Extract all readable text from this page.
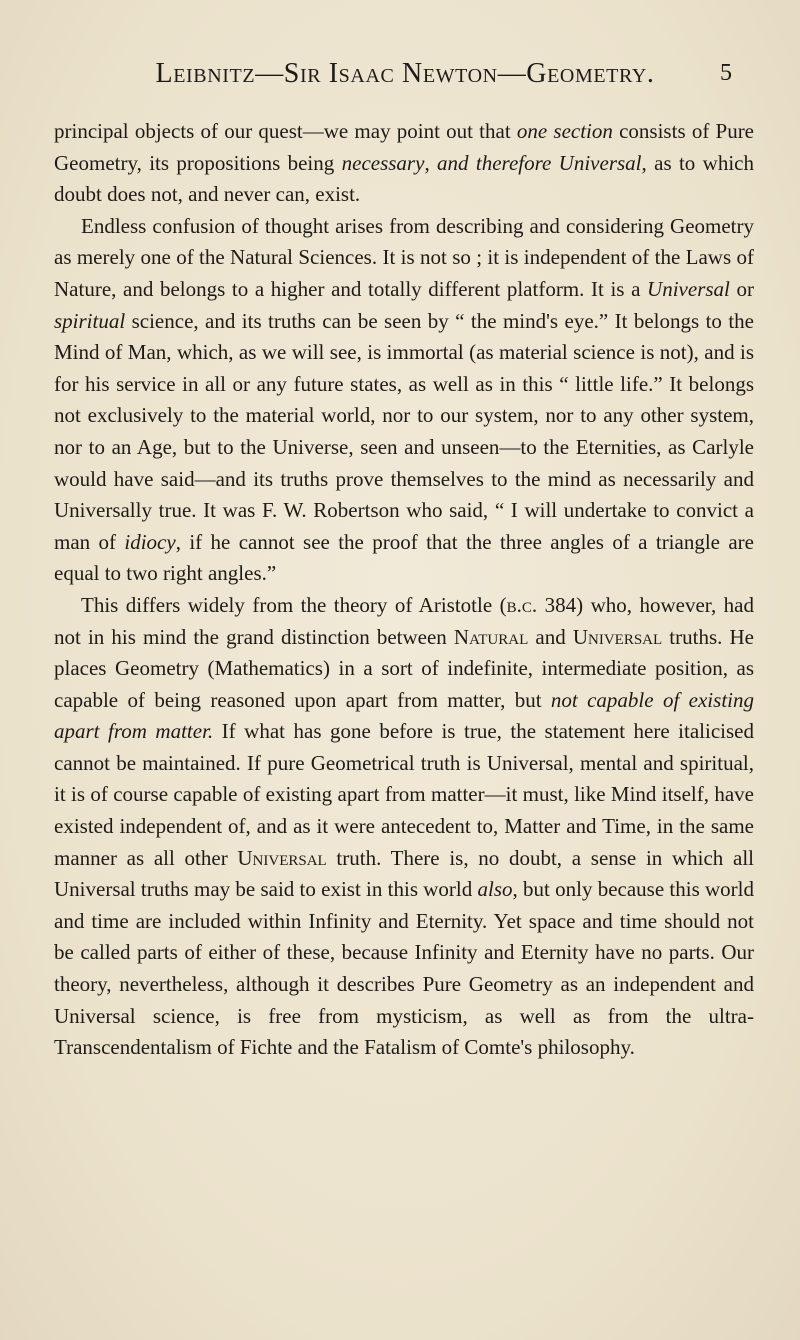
Leibnitz—Sir Isaac Newton—Geometry.	5

principal objects of our quest—we may point out that one section consists of Pure Geometry, its propositions being necessary, and therefore Universal, as to which doubt does not, and never can, exist.

Endless confusion of thought arises from describing and considering Geometry as merely one of the Natural Sciences. It is not so ; it is independent of the Laws of Nature, and belongs to a higher and totally different platform. It is a Universal or spiritual science, and its truths can be seen by “ the mind's eye.” It belongs to the Mind of Man, which, as we will see, is immortal (as material science is not), and is for his service in all or any future states, as well as in this “ little life.” It belongs not exclusively to the material world, nor to our system, nor to any other system, nor to an Age, but to the Universe, seen and unseen—to the Eternities, as Carlyle would have said—and its truths prove themselves to the mind as necessarily and Universally true. It was F. W. Robertson who said, “ I will undertake to convict a man of idiocy, if he cannot see the proof that the three angles of a triangle are equal to two right angles.”

This differs widely from the theory of Aristotle (b.c. 384) who, however, had not in his mind the grand distinction between Natural and Universal truths. He places Geometry (Mathematics) in a sort of indefinite, intermediate position, as capable of being reasoned upon apart from matter, but not capable of existing apart from matter. If what has gone before is true, the statement here italicised cannot be maintained. If pure Geometrical truth is Universal, mental and spiritual, it is of course capable of existing apart from matter—it must, like Mind itself, have existed independent of, and as it were antecedent to, Matter and Time, in the same manner as all other Universal truth. There is, no doubt, a sense in which all Universal truths may be said to exist in this world also, but only because this world and time are included within Infinity and Eternity. Yet space and time should not be called parts of either of these, because Infinity and Eternity have no parts. Our theory, nevertheless, although it describes Pure Geometry as an independent and Universal science, is free from mysticism, as well as from the ultra-Transcendentalism of Fichte and the Fatalism of Comte's philosophy.
